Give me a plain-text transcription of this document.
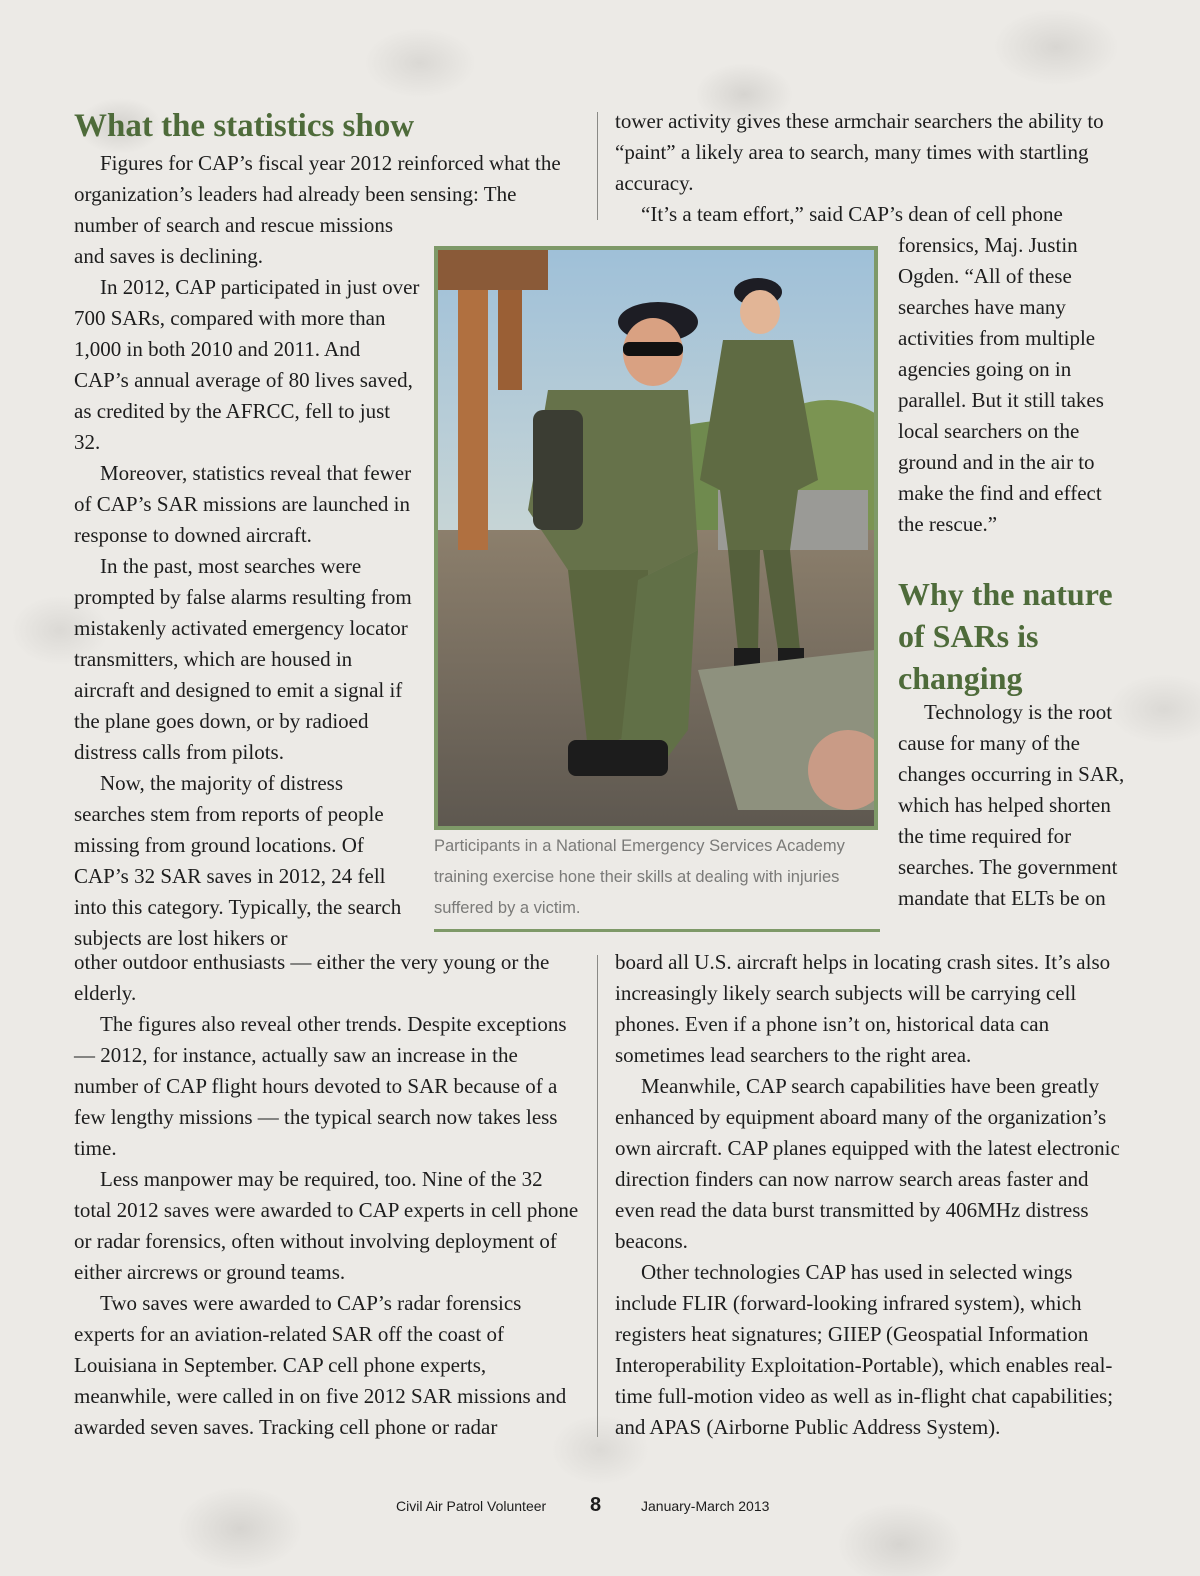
What the statistics show

Figures for CAP’s fiscal year 2012 reinforced what the organization’s leaders had already been sensing: The

number of search and rescue missions and saves is declining.

In 2012, CAP participated in just over 700 SARs, compared with more than 1,000 in both 2010 and 2011. And CAP’s annual average of 80 lives saved, as credited by the AFRCC, fell to just 32.

Moreover, statistics reveal that fewer of CAP’s SAR missions are launched in response to downed aircraft.

In the past, most searches were prompted by false alarms resulting from mistakenly activated emergency locator transmitters, which are housed in aircraft and designed to emit a signal if the plane goes down, or by radioed distress calls from pilots.

Now, the majority of distress searches stem from reports of people missing from ground locations. Of CAP’s 32 SAR saves in 2012, 24 fell into this category. Typically, the search subjects are lost hikers or

other outdoor enthusiasts — either the very young or the elderly.

The figures also reveal other trends. Despite exceptions — 2012, for instance, actually saw an increase in the number of CAP flight hours devoted to SAR because of a few lengthy missions — the typical search now takes less time.

Less manpower may be required, too. Nine of the 32 total 2012 saves were awarded to CAP experts in cell phone or radar forensics, often without involving deployment of either aircrews or ground teams.

Two saves were awarded to CAP’s radar forensics experts for an aviation-related SAR off the coast of Louisiana in September. CAP cell phone experts, meanwhile, were called in on five 2012 SAR missions and awarded seven saves. Tracking cell phone or radar

tower activity gives these armchair searchers the ability to “paint” a likely area to search, many times with startling accuracy.

“It’s a team effort,” said CAP’s dean of cell phone

forensics, Maj. Justin Ogden. “All of these searches have many activities from multiple agencies going on in parallel. But it still takes local searchers on the ground and in the air to make the find and effect the rescue.”

Why the nature of SARs is changing

Technology is the root cause for many of the changes occurring in SAR, which has helped shorten the time required for searches. The government mandate that ELTs be on

board all U.S. aircraft helps in locating crash sites. It’s also increasingly likely search subjects will be carrying cell phones. Even if a phone isn’t on, historical data can sometimes lead searchers to the right area.

Meanwhile, CAP search capabilities have been greatly enhanced by equipment aboard many of the organization’s own aircraft. CAP planes equipped with the latest electronic direction finders can now narrow search areas faster and even read the data burst transmitted by 406MHz distress beacons.

Other technologies CAP has used in selected wings include FLIR (forward-looking infrared system), which registers heat signatures; GIIEP (Geospatial Information Interoperability Exploitation-Portable), which enables real-time full-motion video as well as in-flight chat capabilities; and APAS (Airborne Public Address System).

Participants in a National Emergency Services Academy training exercise hone their skills at dealing with injuries suffered by a victim.
Civil Air Patrol Volunteer 8	January-March 2013
